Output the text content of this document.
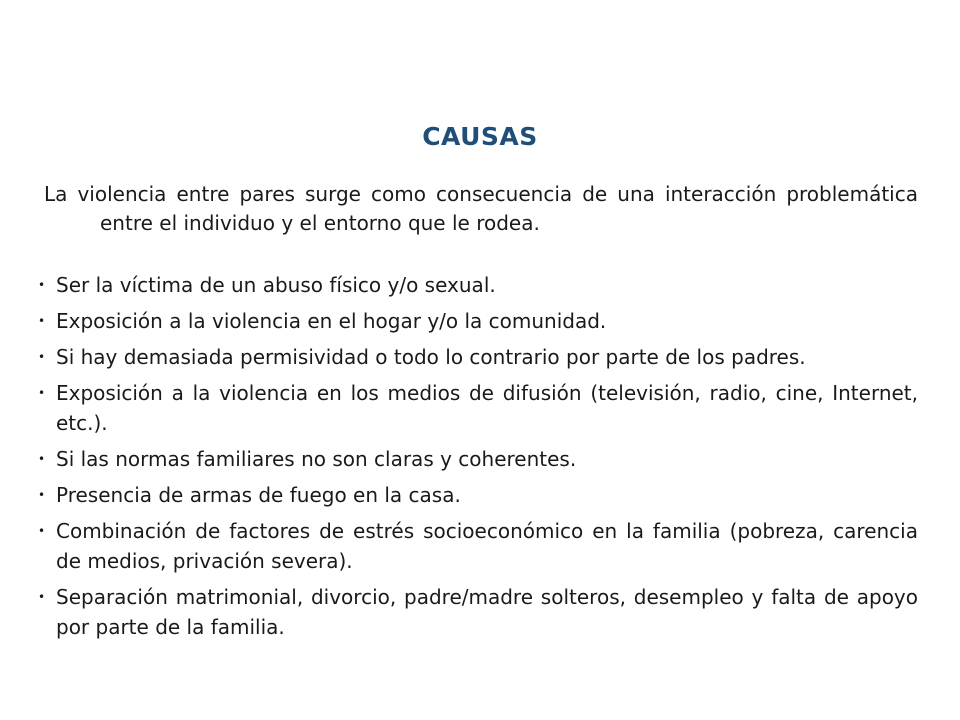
CAUSAS

La violencia entre pares surge como consecuencia de una interacción problemática entre el individuo y el entorno que le rodea.

• Ser la víctima de un abuso físico y/o sexual.
• Exposición a la violencia en el hogar y/o la comunidad.
• Si hay demasiada permisividad o todo lo contrario por parte de los padres.
• Exposición a la violencia en los medios de difusión (televisión, radio, cine, Internet, etc.).
• Si las normas familiares no son claras y coherentes.
• Presencia de armas de fuego en la casa.
• Combinación de factores de estrés socioeconómico en la familia (pobreza, carencia de medios, privación severa).
• Separación matrimonial, divorcio, padre/madre solteros, desempleo y falta de apoyo por parte de la familia.
